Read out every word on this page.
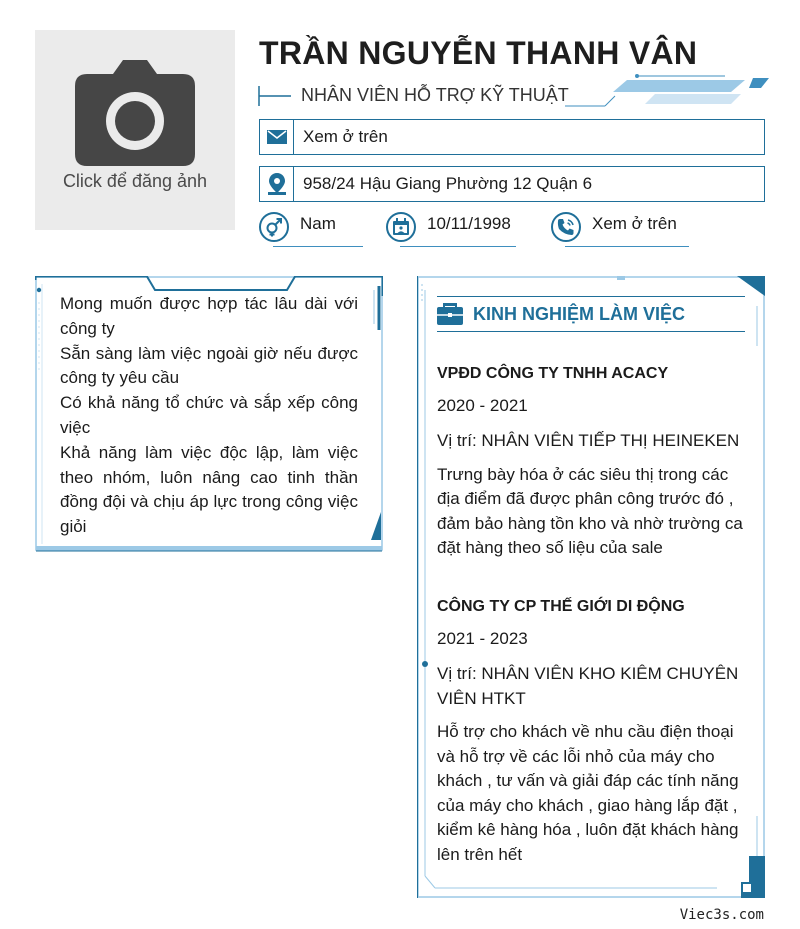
Click để đăng ảnh
TRẦN NGUYỄN THANH VÂN
NHÂN VIÊN HỖ TRỢ KỸ THUẬT
Xem ở trên
958/24 Hậu Giang Phường 12 Quận 6
Nam	10/11/1998	Xem ở trên

Mong muốn được hợp tác lâu dài với công ty

Sẵn sàng làm việc ngoài giờ nếu được công ty yêu cầu

Có khả năng tổ chức và sắp xếp công việc

Khả năng làm việc độc lập, làm việc theo nhóm, luôn nâng cao tinh thần đồng đội và chịu áp lực trong công việc giỏi

KINH NGHIỆM LÀM VIỆC
VPĐD CÔNG TY TNHH ACACY
2020 - 2021
Vị trí: NHÂN VIÊN TIẾP THỊ HEINEKEN
Trưng bày hóa ở các siêu thị trong các địa điểm đã được phân công trước đó , đảm bảo hàng tồn kho và nhờ trường ca đặt hàng theo số liệu của sale
CÔNG TY CP THẾ GIỚI DI ĐỘNG
2021 - 2023
Vị trí: NHÂN VIÊN KHO KIÊM CHUYÊN VIÊN HTKT
Hỗ trợ cho khách về nhu cầu điện thoại và hỗ trợ về các lỗi nhỏ của máy cho khách , tư vấn và giải đáp các tính năng của máy cho khách , giao hàng lắp đặt , kiểm kê hàng hóa , luôn đặt khách hàng lên trên hết
Viec3s.com
